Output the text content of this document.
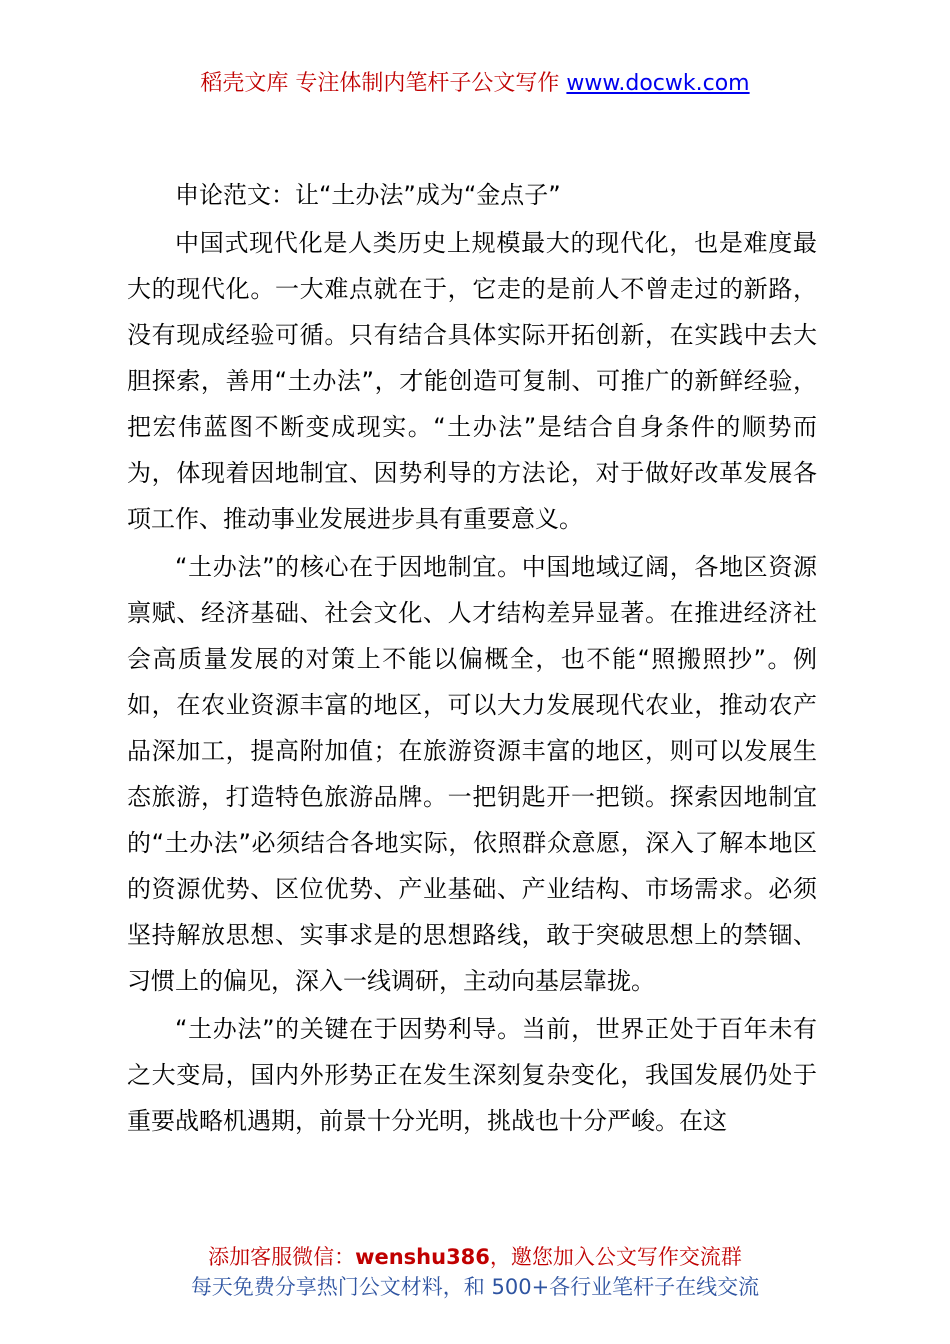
稻壳文库 专注体制内笔杆子公文写作 www.docwk.com

申论范文：让“土办法”成为“金点子”

中国式现代化是人类历史上规模最大的现代化，也是难度最大的现代化。一大难点就在于，它走的是前人不曾走过的新路，没有现成经验可循。只有结合具体实际开拓创新，在实践中去大胆探索，善用“土办法”，才能创造可复制、可推广的新鲜经验，把宏伟蓝图不断变成现实。“土办法”是结合自身条件的顺势而为，体现着因地制宜、因势利导的方法论，对于做好改革发展各项工作、推动事业发展进步具有重要意义。

“土办法”的核心在于因地制宜。中国地域辽阔，各地区资源禀赋、经济基础、社会文化、人才结构差异显著。在推进经济社会高质量发展的对策上不能以偏概全，也不能“照搬照抄”。例如，在农业资源丰富的地区，可以大力发展现代农业，推动农产品深加工，提高附加值；在旅游资源丰富的地区，则可以发展生态旅游，打造特色旅游品牌。一把钥匙开一把锁。探索因地制宜的“土办法”必须结合各地实际，依照群众意愿，深入了解本地区的资源优势、区位优势、产业基础、产业结构、市场需求。必须坚持解放思想、实事求是的思想路线，敢于突破思想上的禁锢、习惯上的偏见，深入一线调研，主动向基层靠拢。

“土办法”的关键在于因势利导。当前，世界正处于百年未有之大变局，国内外形势正在发生深刻复杂变化，我国发展仍处于重要战略机遇期，前景十分光明，挑战也十分严峻。在这

添加客服微信：wenshu386，邀您加入公文写作交流群
每天免费分享热门公文材料，和 500+各行业笔杆子在线交流
